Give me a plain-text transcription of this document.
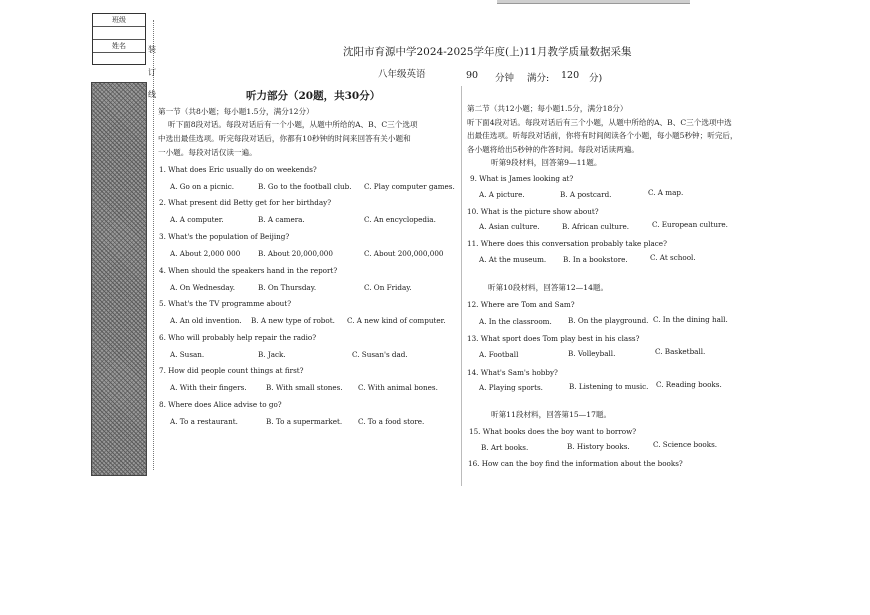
班级
姓名	装
订
线
沈阳市育源中学2024-2025学年度(上)11月教学质量数据采集
八年级英语	90 分钟 满分: 120 分)
听力部分（20题，共30分）
第一节（共8小题；每小题1.5分，满分12分）
听下面8段对话。每段对话后有一个小题，从题中所给的A、B、C三个选项
中选出最佳选项。听完每段对话后，你都有10秒钟的时间来回答有关小题和
一小题。每段对话仅读一遍。
1. What does Eric usually do on weekends?
A. Go on a picnic.	B. Go to the football club. C. Play computer games.
2. What present did Betty get for her birthday?
A. A computer.	B. A camera.	C. An encyclopedia.
3. What's the population of Beijing?
A. About 2,000 000 B. About 20,000,000	C. About 200,000,000
4. When should the speakers hand in the report?
A. On Wednesday.	B. On Thursday.	C. On Friday.
5. What's the TV programme about?
A. An old invention. B. A new type of robot. C. A new kind of computer.
6. Who will probably help repair the radio?
A. Susan.	B. Jack.	C. Susan's dad.
7. How did people count things at first?
A. With their fingers.	B. With small stones. C. With animal bones.
8. Where does Alice advise to go?
A. To a restaurant.	B. To a supermarket. C. To a food store.
第二节（共12小题；每小题1.5分，满分18分）
听下面4段对话。每段对话后有三个小题，从题中所给的A、B、C三个选项中选
出最佳选项。听每段对话前，你将有时间阅读各个小题，每小题5秒钟；听完后，
各小题将给出5秒钟的作答时间。每段对话读两遍。
听第9段材料，回答第9—11题。
9. What is James looking at?
A. A picture.	B. A postcard.	C. A map.
10. What is the picture show about?
A. Asian culture.	B. African culture.	C. European culture.
11. Where does this conversation probably take place?
A. At the museum. B. In a bookstore.	C. At school.
听第10段材料，回答第12—14题。
12. Where are Tom and Sam?
A. In the classroom. B. On the playground. C. In the dining hall.
13. What sport does Tom play best in his class?
A. Football	B. Volleyball.	C. Basketball.
14. What's Sam's hobby?
A. Playing sports.	B. Listening to music. C. Reading books.
听第11段材料，回答第15—17题。
15. What books does the boy want to borrow?
B. Art books.	B. History books.	C. Science books.
16. How can the boy find the information about the books?
